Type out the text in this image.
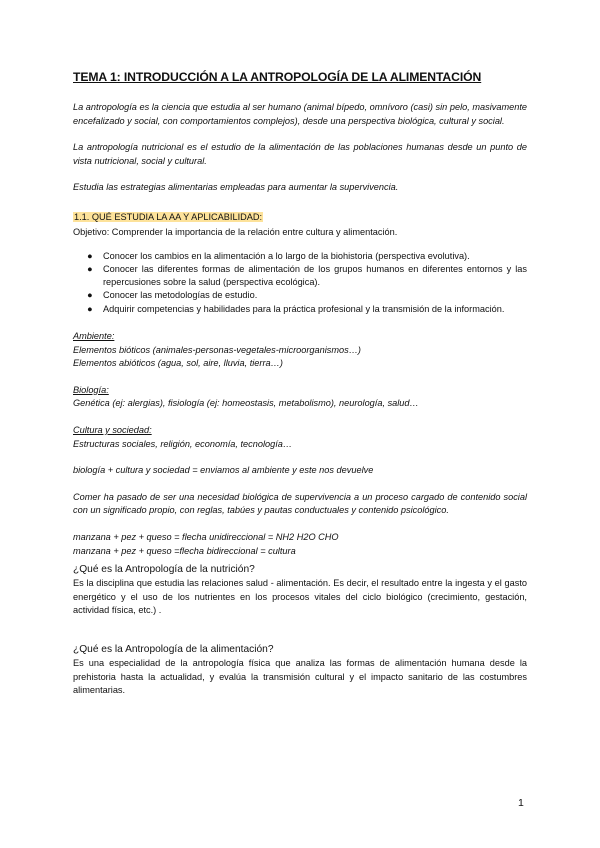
TEMA 1: INTRODUCCIÓN A LA ANTROPOLOGÍA DE LA ALIMENTACIÓN

La antropología es la ciencia que estudia al ser humano (animal bípedo, omnívoro (casi) sin pelo, masivamente encefalizado y social, con comportamientos complejos), desde una perspectiva biológica, cultural y social.

La antropología nutricional es el estudio de la alimentación de las poblaciones humanas desde un punto de vista nutricional, social y cultural.

Estudia las estrategias alimentarias empleadas para aumentar la supervivencia.

1.1. QUÉ ESTUDIA LA AA Y APLICABILIDAD:

Objetivo: Comprender la importancia de la relación entre cultura y alimentación.

● Conocer los cambios en la alimentación a lo largo de la biohistoria (perspectiva evolutiva).
● Conocer las diferentes formas de alimentación de los grupos humanos en diferentes entornos y las repercusiones sobre la salud (perspectiva ecológica).
● Conocer las metodologías de estudio.
● Adquirir competencias y habilidades para la práctica profesional y la transmisión de la información.

Ambiente:

Elementos bióticos (animales-personas-vegetales-microorganismos…)

Elementos abióticos (agua, sol, aire, lluvia, tierra…)

Biología:

Genética (ej: alergias), fisiología (ej: homeostasis, metabolismo), neurología, salud…

Cultura y sociedad:

Estructuras sociales, religión, economía, tecnología…

biología + cultura y sociedad = enviamos al ambiente y este nos devuelve

Comer ha pasado de ser una necesidad biológica de supervivencia a un proceso cargado de contenido social con un significado propio, con reglas, tabúes y pautas conductuales y contenido psicológico.

manzana + pez + queso = flecha unidireccional = NH2 H2O CHO

manzana + pez + queso =flecha bidireccional = cultura

¿Qué es la Antropología de la nutrición?

Es la disciplina que estudia las relaciones salud - alimentación. Es decir, el resultado entre la ingesta y el gasto energético y el uso de los nutrientes en los procesos vitales del ciclo biológico (crecimiento, gestación, actividad física, etc.) .

¿Qué es la Antropología de la alimentación?

Es una especialidad de la antropología física que analiza las formas de alimentación humana desde la prehistoria hasta la actualidad, y evalúa la transmisión cultural y el impacto sanitario de las costumbres alimentarias.

1
